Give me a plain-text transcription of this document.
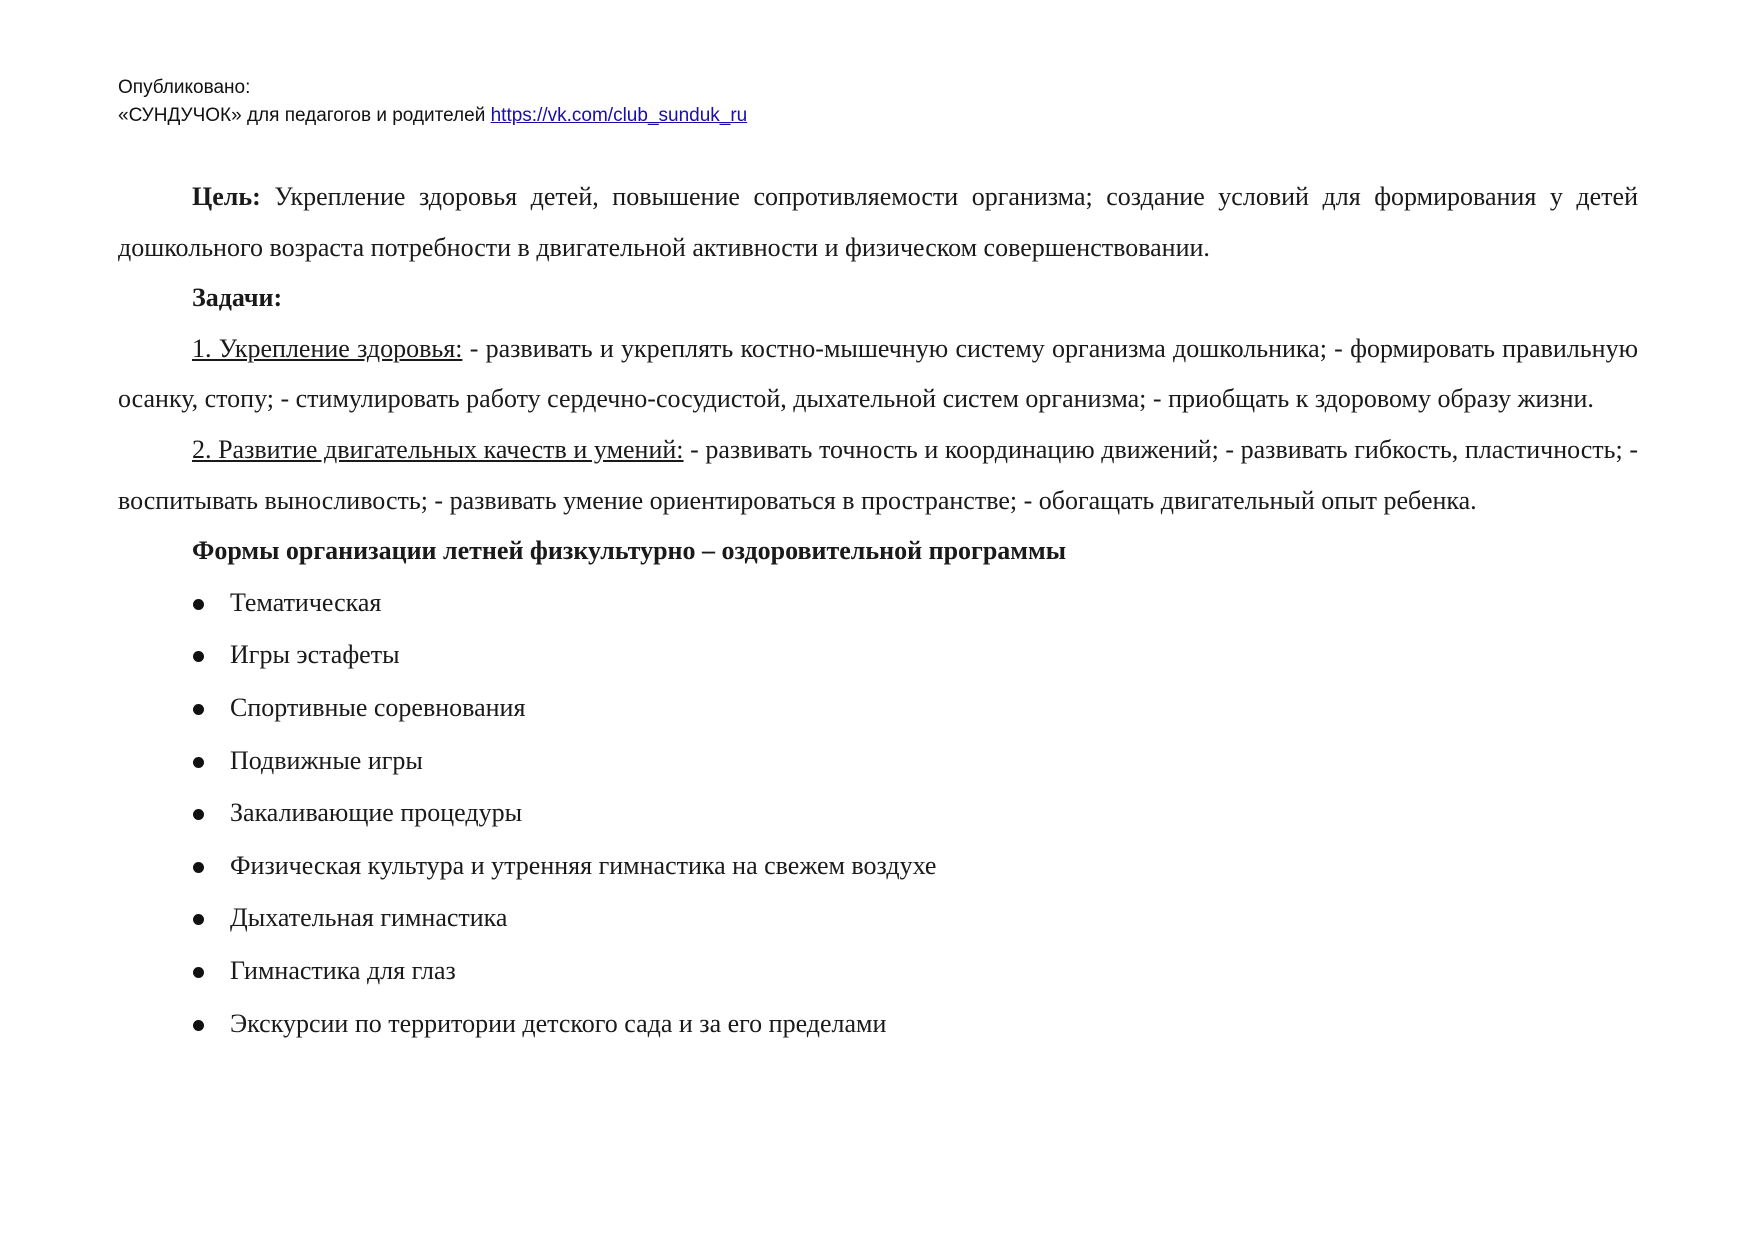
Опубликовано:
«СУНДУЧОК» для педагогов и родителей https://vk.com/club_sunduk_ru

Цель: Укрепление здоровья детей, повышение сопротивляемости организма; создание условий для формирования у детей дошкольного возраста потребности в двигательной активности и физическом совершенствовании.

Задачи:

1. Укрепление здоровья: - развивать и укреплять костно-мышечную систему организма дошкольника; - формировать правильную осанку, стопу; - стимулировать работу сердечно-сосудистой, дыхательной систем организма; - приобщать к здоровому образу жизни.

2. Развитие двигательных качеств и умений: - развивать точность и координацию движений; - развивать гибкость, пластичность; - воспитывать выносливость; - развивать умение ориентироваться в пространстве; - обогащать двигательный опыт ребенка.

Формы организации летней физкультурно – оздоровительной программы

Тематическая
Игры эстафеты
Спортивные соревнования
Подвижные игры
Закаливающие процедуры
Физическая культура и утренняя гимнастика на свежем воздухе
Дыхательная гимнастика
Гимнастика для глаз
Экскурсии по территории детского сада и за его пределами
